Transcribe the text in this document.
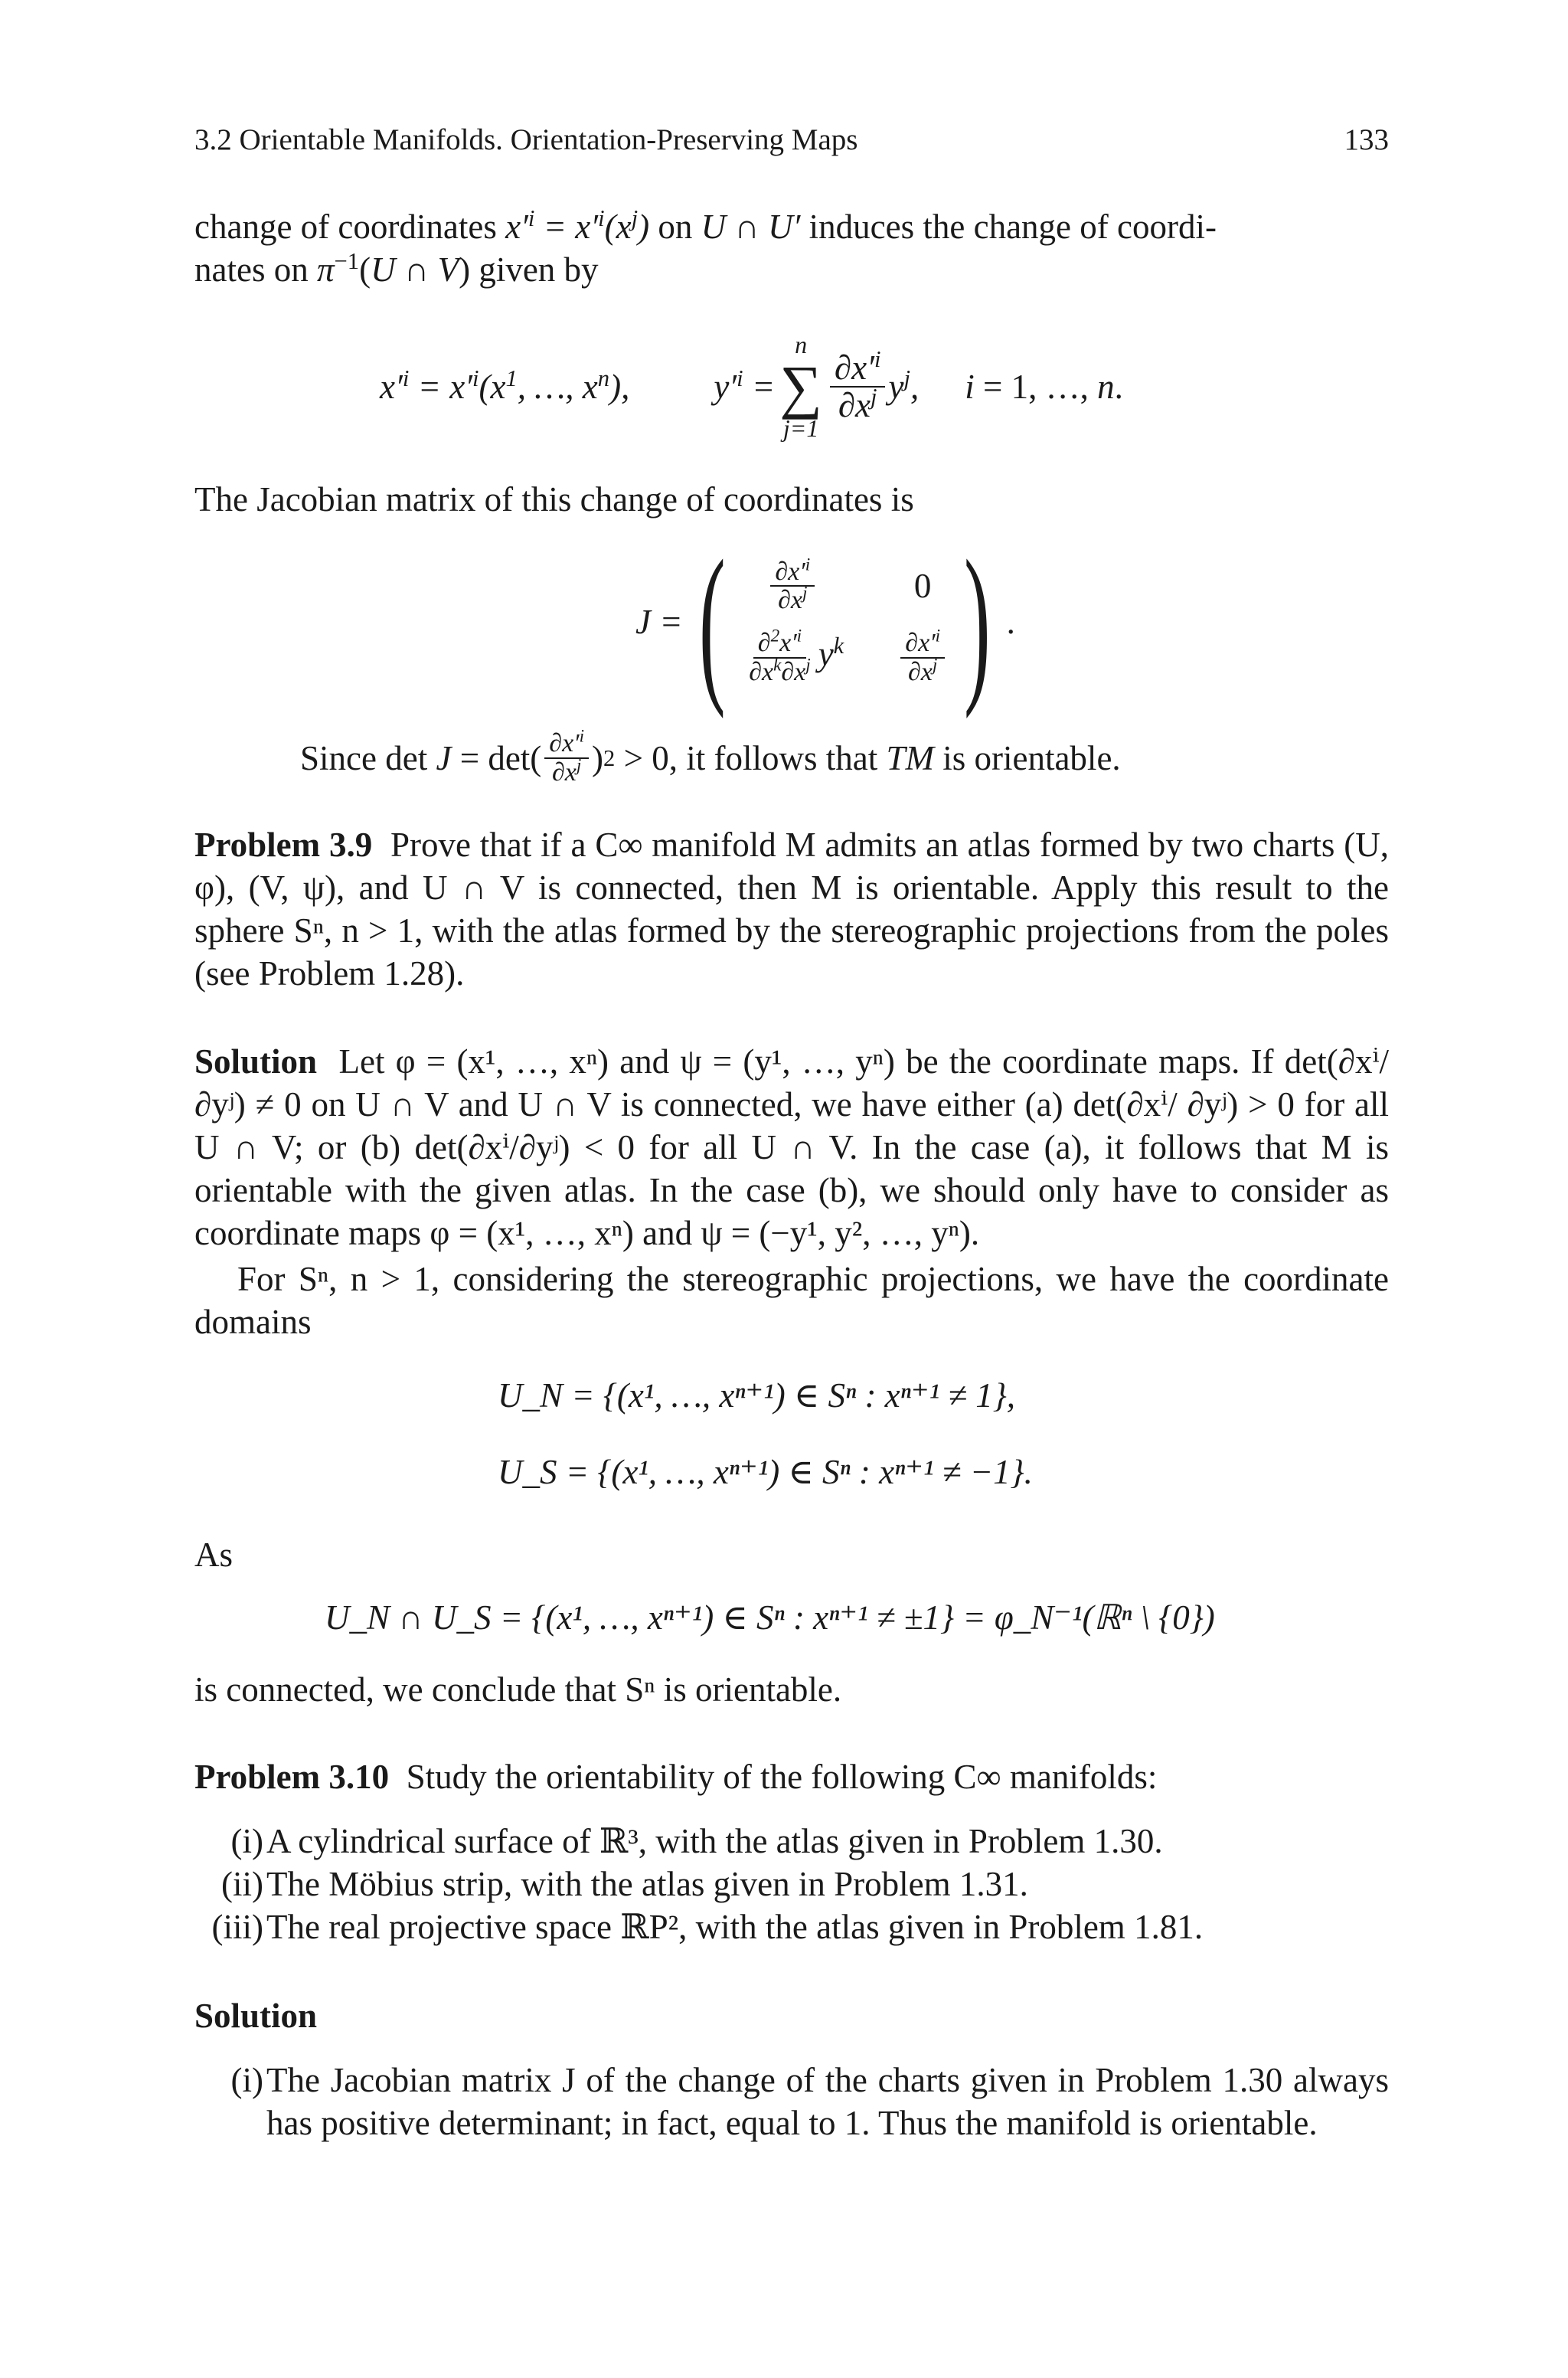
3.2 Orientable Manifolds. Orientation-Preserving Maps	133
change of coordinates $x'^i = x'^i(x^j)$ on U ∩ U′ induces the change of coordi-
nates on $\pi^{-1}(U$ ∩ V) given by
$x'^i = x'^i(x^1$, …, $x^n$), $y'^i$ =
n
∑
j=1
$\frac{\partial x'^i}{\partial x^j} y^j$, i = 1, …, n.
The Jacobian matrix of this change of coordinates is
J = ( $\frac{\partial x'^i}{\partial x^j}$	0
$\frac{\partial^2x'^i}{\partial x^k\partial x^j} y^k \frac{\partial x'^i}{\partial x^j}$ ) .
Since det
J
= $\det( \frac{\partial x'^i}{\partial x^j}$ ) 2
> 0, it follows that
TM
is orientable.
Problem 3.9 Prove that if a C∞ manifold M admits an atlas formed by two charts (U, φ), (V, ψ), and U ∩ V is connected, then M is orientable. Apply this result to the sphere Sⁿ, n > 1, with the atlas formed by the stereographic projections from the poles (see Problem 1.28).
Solution Let φ = (x¹, …, xⁿ) and ψ = (y¹, …, yⁿ) be the coordinate maps. If det(∂xⁱ/∂yʲ) ≠ 0 on U ∩ V and U ∩ V is connected, we have either (a) det(∂xⁱ/ ∂yʲ) > 0 for all U ∩ V; or (b) det(∂xⁱ/∂yʲ) < 0 for all U ∩ V. In the case (a), it follows that M is orientable with the given atlas. In the case (b), we should only have to consider as coordinate maps φ = (x¹, …, xⁿ) and ψ = (−y¹, y², …, yⁿ).
For Sⁿ, n > 1, considering the stereographic projections, we have the coordinate domains
U_N = {(x¹, …, xⁿ⁺¹) ∈ Sⁿ : xⁿ⁺¹ ≠ 1},
U_S = {(x¹, …, xⁿ⁺¹) ∈ Sⁿ : xⁿ⁺¹ ≠ −1}.
As
U_N ∩ U_S = {(x¹, …, xⁿ⁺¹) ∈ Sⁿ : xⁿ⁺¹ ≠ ±1} = φ_N⁻¹(ℝⁿ \ {0})
is connected, we conclude that Sⁿ is orientable.
Problem 3.10 Study the orientability of the following C∞ manifolds:
(i) A cylindrical surface of ℝ³, with the atlas given in Problem 1.30.
(ii) The Möbius strip, with the atlas given in Problem 1.31.
(iii) The real projective space ℝP², with the atlas given in Problem 1.81.
Solution
(i) The Jacobian matrix J of the change of the charts given in Problem 1.30 always has positive determinant; in fact, equal to 1. Thus the manifold is orientable.
